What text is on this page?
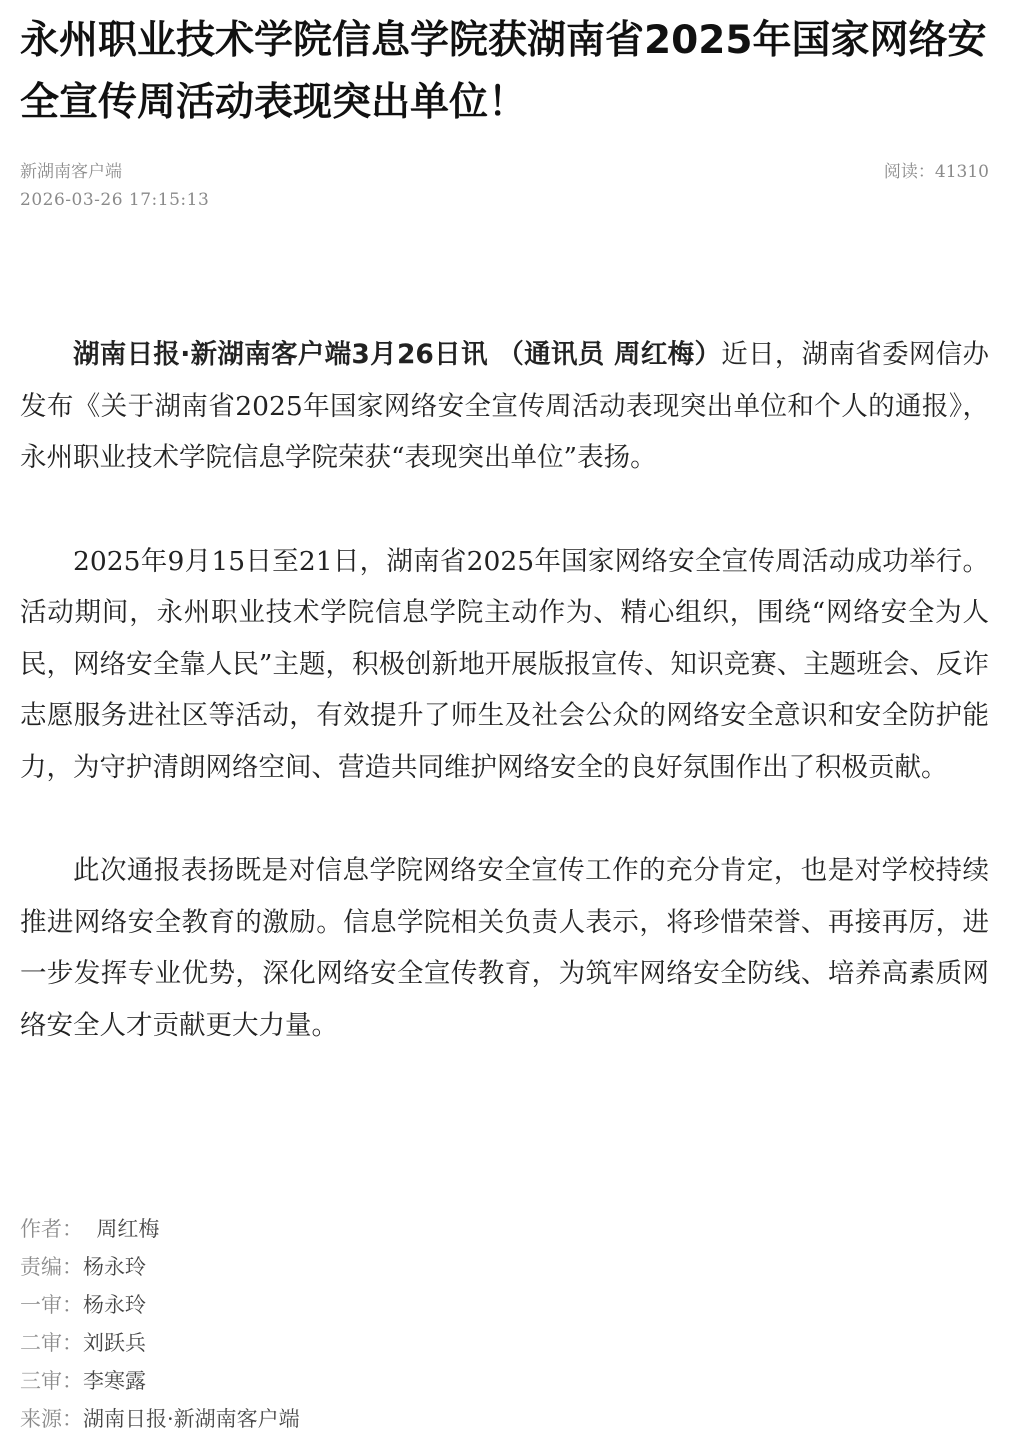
永州职业技术学院信息学院获湖南省2025年国家网络安全宣传周活动表现突出单位！
新湖南客户端
2026-03-26 17:15:13
阅读：41310

湖南日报·新湖南客户端3月26日讯 （通讯员 周红梅）近日，湖南省委网信办发布《关于湖南省2025年国家网络安全宣传周活动表现突出单位和个人的通报》，永州职业技术学院信息学院荣获“表现突出单位”表扬。

2025年9月15日至21日，湖南省2025年国家网络安全宣传周活动成功举行。活动期间，永州职业技术学院信息学院主动作为、精心组织，围绕“网络安全为人民，网络安全靠人民”主题，积极创新地开展版报宣传、知识竞赛、主题班会、反诈志愿服务进社区等活动，有效提升了师生及社会公众的网络安全意识和安全防护能力，为守护清朗网络空间、营造共同维护网络安全的良好氛围作出了积极贡献。

此次通报表扬既是对信息学院网络安全宣传工作的充分肯定，也是对学校持续推进网络安全教育的激励。信息学院相关负责人表示，将珍惜荣誉、再接再厉，进一步发挥专业优势，深化网络安全宣传教育，为筑牢网络安全防线、培养高素质网络安全人才贡献更大力量。

作者：  周红梅
责编：杨永玲
一审：杨永玲
二审：刘跃兵
三审：李寒露
来源：湖南日报·新湖南客户端
